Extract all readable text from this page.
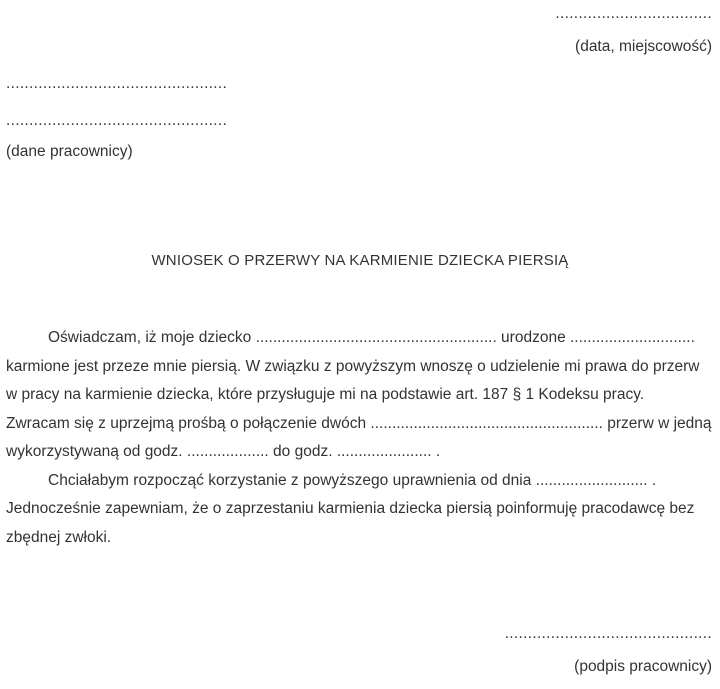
..................................
(data, miejscowość)
................................................
................................................
(dane pracownicy)
WNIOSEK O PRZERWY NA KARMIENIE DZIECKA PIERSIĄ
Oświadczam, iż moje dziecko ........................................................ urodzone .............................
karmione jest przeze mnie piersią. W związku z powyższym wnoszę o udzielenie mi prawa do przerw
w pracy na karmienie dziecka, które przysługuje mi na podstawie art. 187 § 1 Kodeksu pracy.
Zwracam się z uprzejmą prośbą o połączenie dwóch ...................................................... przerw w jedną
wykorzystywaną od godz. ................... do godz. ...................... .
Chciałabym rozpocząć korzystanie z powyższego uprawnienia od dnia .......................... .
Jednocześnie zapewniam, że o zaprzestaniu karmienia dziecka piersią poinformuję pracodawcę bez
zbędnej zwłoki.
.............................................
(podpis pracownicy)
